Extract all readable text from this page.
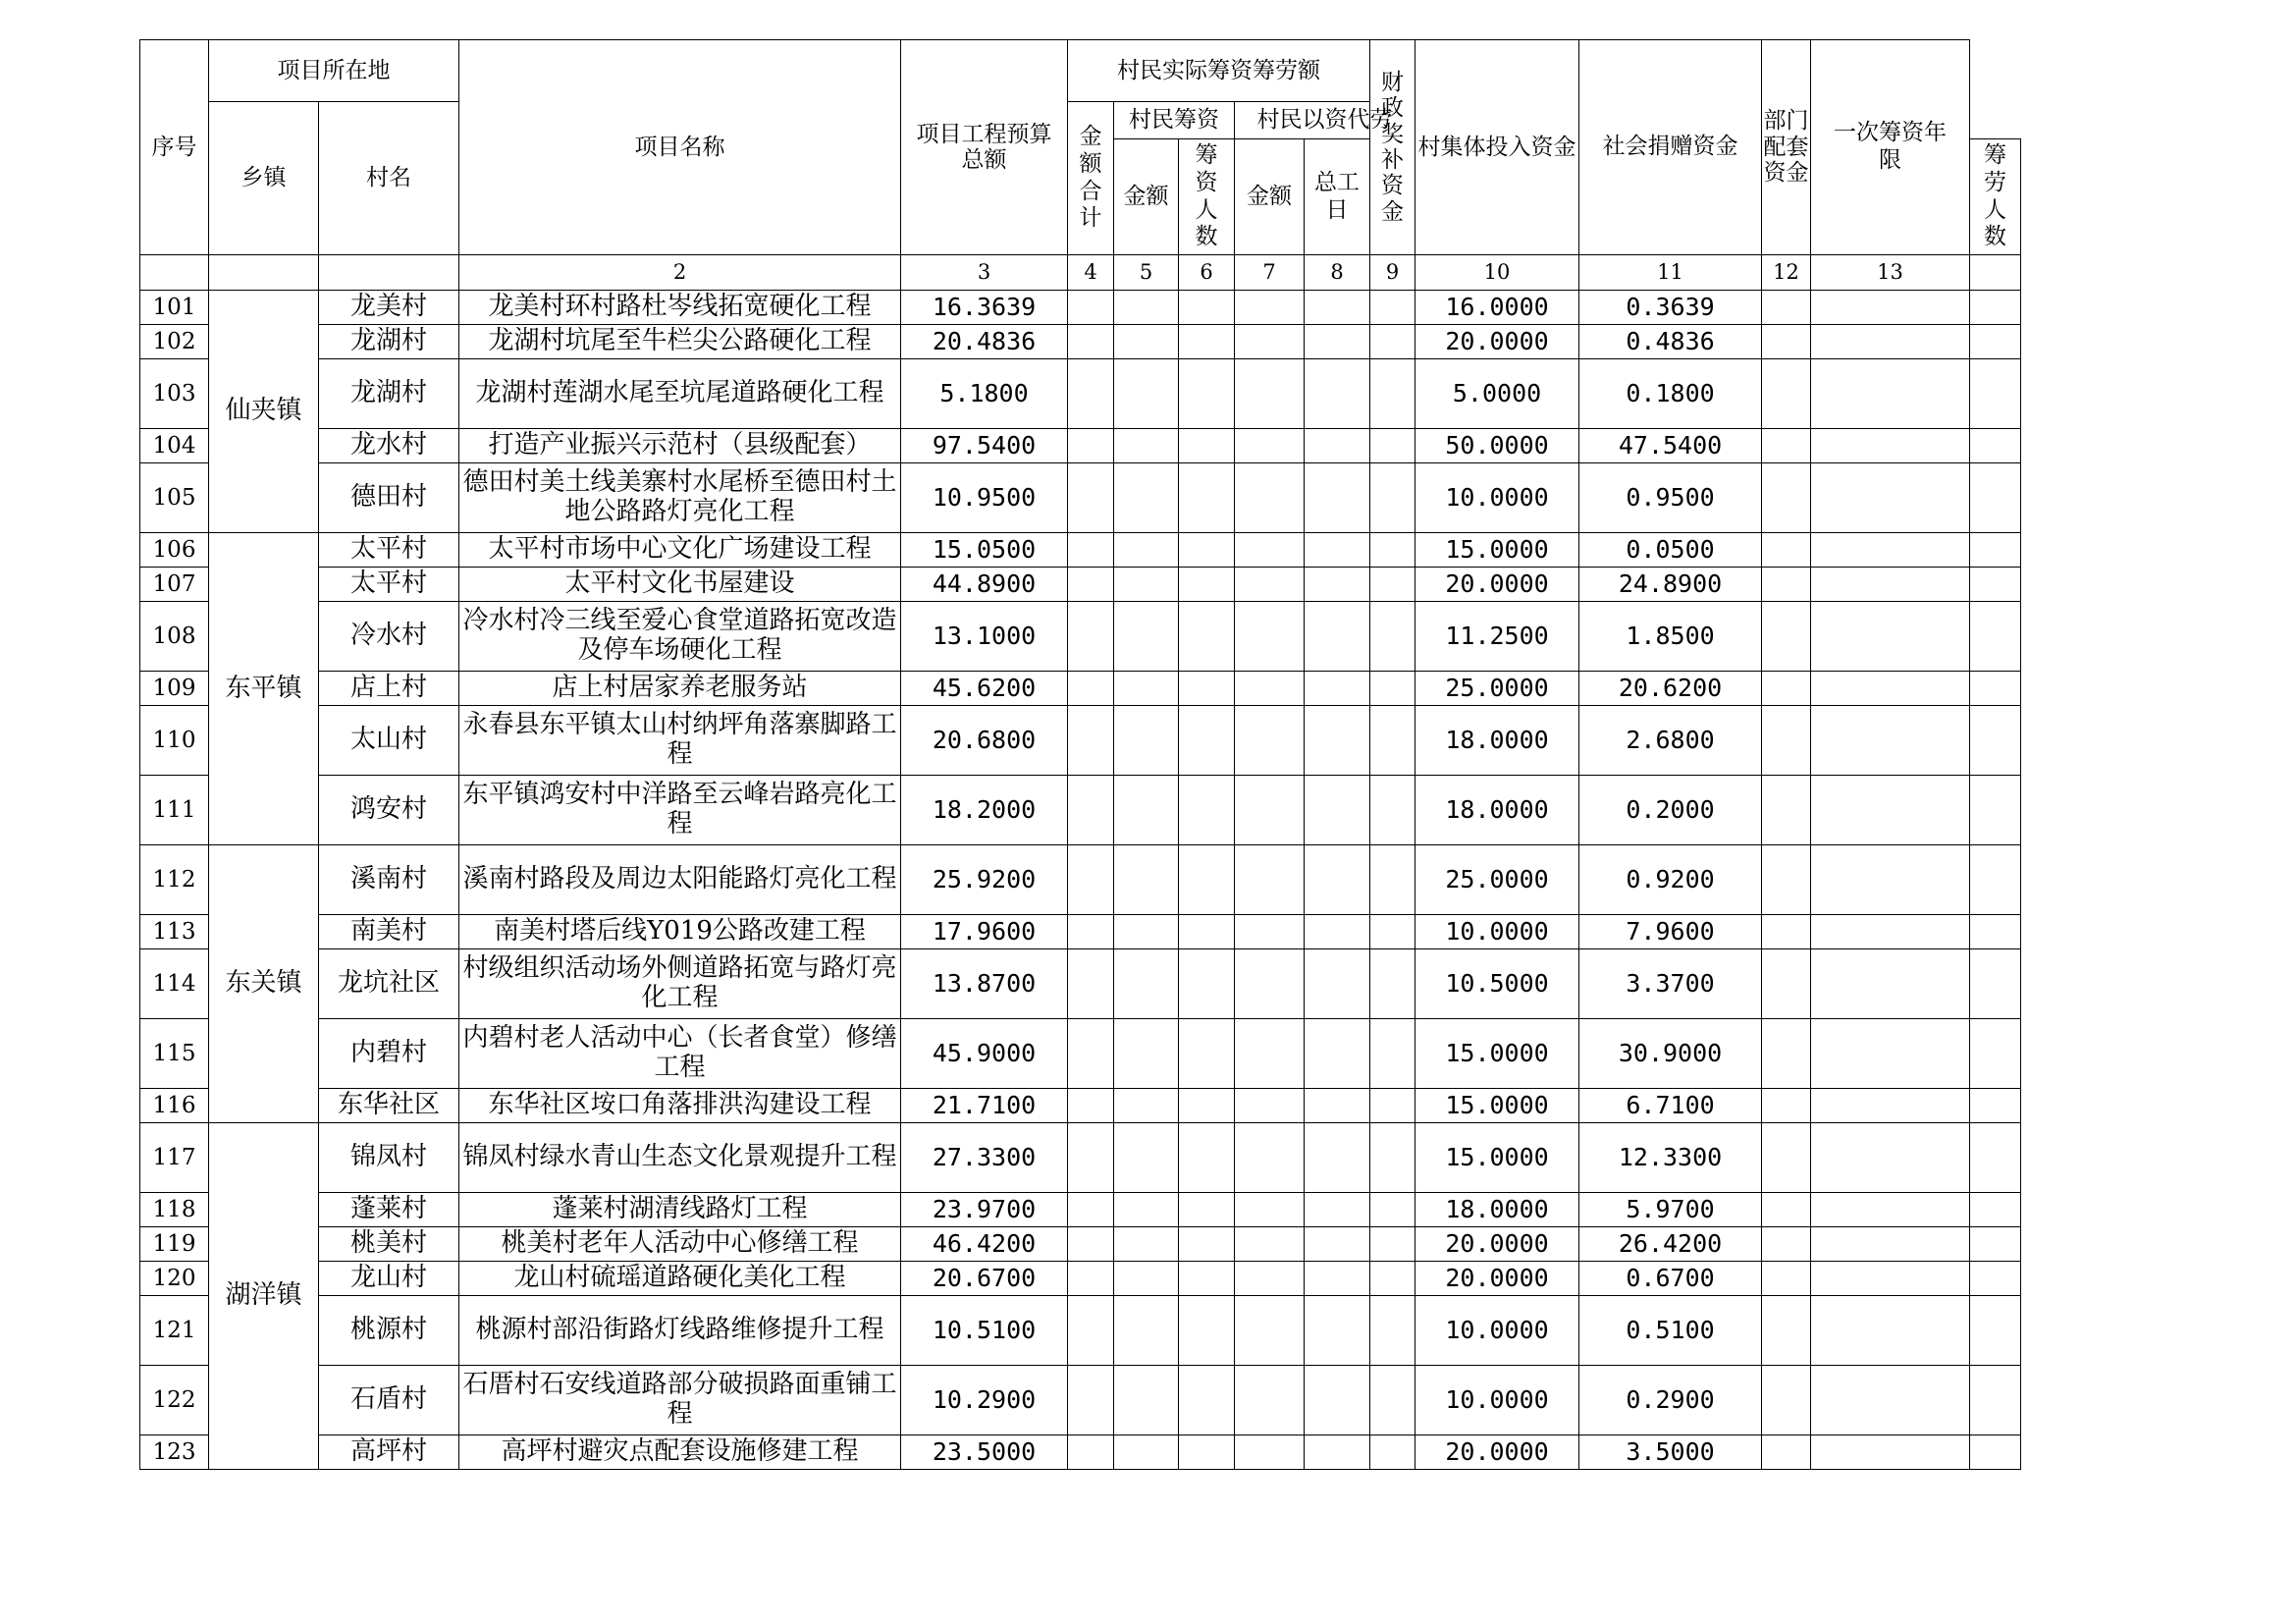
序号	项目所在地		项目名称	项目工程预算总额	村民实际筹资筹劳额					财政奖补资金	村集体投入资金	社会捐赠资金	部门配套资金	一次筹资年限	
	乡镇	村名			金额合计	村民筹资		村民以资代劳							
						金额	筹资人数	金额	总工日						筹劳人数
			2	3	4	5	6	7	8	9	10	11	12	13	
101	仙夹镇	龙美村	龙美村环村路杜岑线拓宽硬化工程	16.3639							16.0000	0.3639			
102		龙湖村	龙湖村坑尾至牛栏尖公路硬化工程	20.4836							20.0000	0.4836			
103		龙湖村	龙湖村莲湖水尾至坑尾道路硬化工程	5.1800							5.0000	0.1800			
104		龙水村	打造产业振兴示范村（县级配套）	97.5400							50.0000	47.5400			
105		德田村	德田村美土线美寨村水尾桥至德田村土地公路路灯亮化工程	10.9500							10.0000	0.9500			
106	东平镇	太平村	太平村市场中心文化广场建设工程	15.0500							15.0000	0.0500			
107		太平村	太平村文化书屋建设	44.8900							20.0000	24.8900			
108		冷水村	冷水村冷三线至爱心食堂道路拓宽改造及停车场硬化工程	13.1000							11.2500	1.8500			
109		店上村	店上村居家养老服务站	45.6200							25.0000	20.6200			
110		太山村	永春县东平镇太山村纳坪角落寨脚路工程	20.6800							18.0000	2.6800			
111		鸿安村	东平镇鸿安村中洋路至云峰岩路亮化工程	18.2000							18.0000	0.2000			
112	东关镇	溪南村	溪南村路段及周边太阳能路灯亮化工程	25.9200							25.0000	0.9200			
113		南美村	南美村塔后线Y019公路改建工程	17.9600							10.0000	7.9600			
114		龙坑社区	村级组织活动场外侧道路拓宽与路灯亮化工程	13.8700							10.5000	3.3700			
115		内碧村	内碧村老人活动中心（长者食堂）修缮工程	45.9000							15.0000	30.9000			
116		东华社区	东华社区垵口角落排洪沟建设工程	21.7100							15.0000	6.7100			
117	湖洋镇	锦凤村	锦凤村绿水青山生态文化景观提升工程	27.3300							15.0000	12.3300			
118		蓬莱村	蓬莱村湖清线路灯工程	23.9700							18.0000	5.9700			
119		桃美村	桃美村老年人活动中心修缮工程	46.4200							20.0000	26.4200			
120		龙山村	龙山村硫瑶道路硬化美化工程	20.6700							20.0000	0.6700			
121		桃源村	桃源村部沿街路灯线路维修提升工程	10.5100							10.0000	0.5100			
122		石盾村	石厝村石安线道路部分破损路面重铺工程	10.2900							10.0000	0.2900			
123		高坪村	高坪村避灾点配套设施修建工程	23.5000							20.0000	3.5000			
